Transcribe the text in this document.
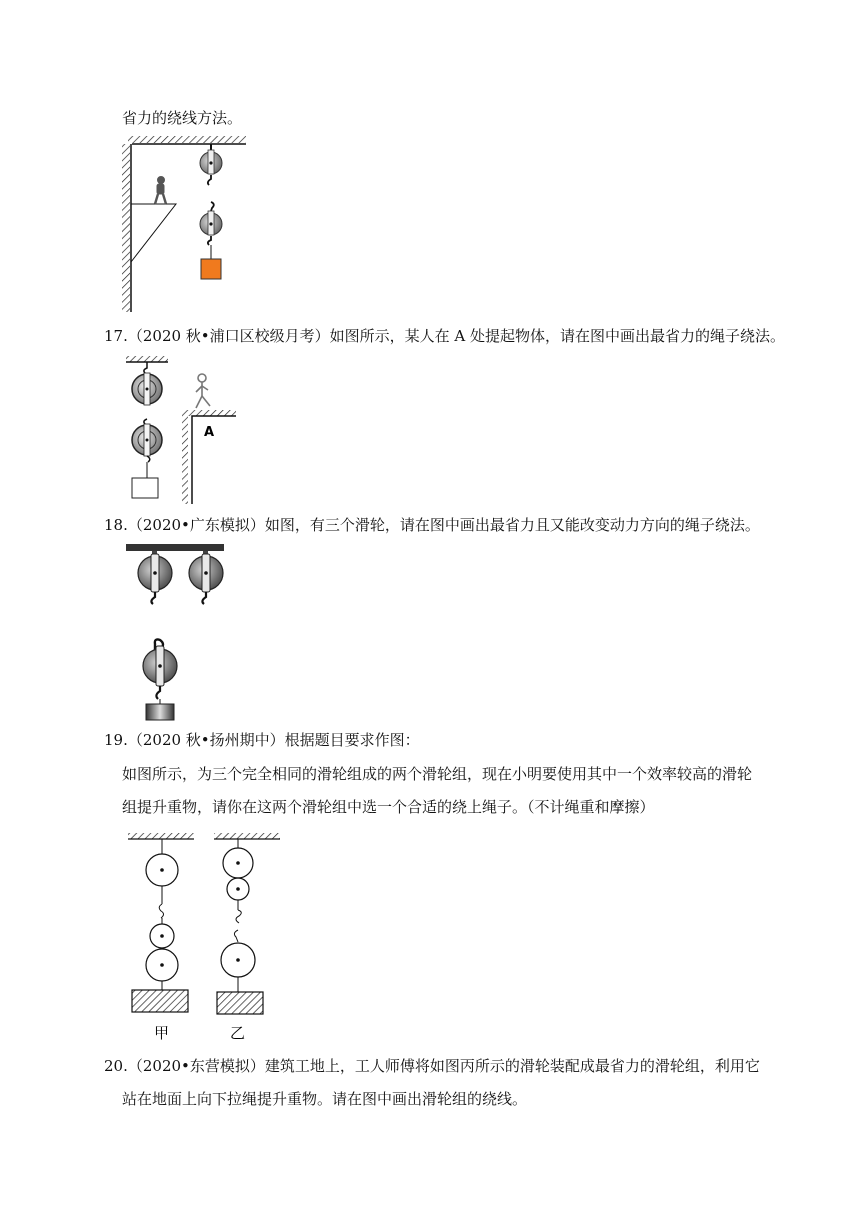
省力的绕线方法。
17.（2020 秋•浦口区校级月考）如图所示，某人在 A 处提起物体，请在图中画出最省力的绳子绕法。
A
18.（2020•广东模拟）如图，有三个滑轮，请在图中画出最省力且又能改变动力方向的绳子绕法。
19.（2020 秋•扬州期中）根据题目要求作图：
如图所示，为三个完全相同的滑轮组成的两个滑轮组，现在小明要使用其中一个效率较高的滑轮
组提升重物，请你在这两个滑轮组中选一个合适的绕上绳子。（不计绳重和摩擦）
甲	乙
20.（2020•东营模拟）建筑工地上，工人师傅将如图丙所示的滑轮装配成最省力的滑轮组，利用它
站在地面上向下拉绳提升重物。请在图中画出滑轮组的绕线。
